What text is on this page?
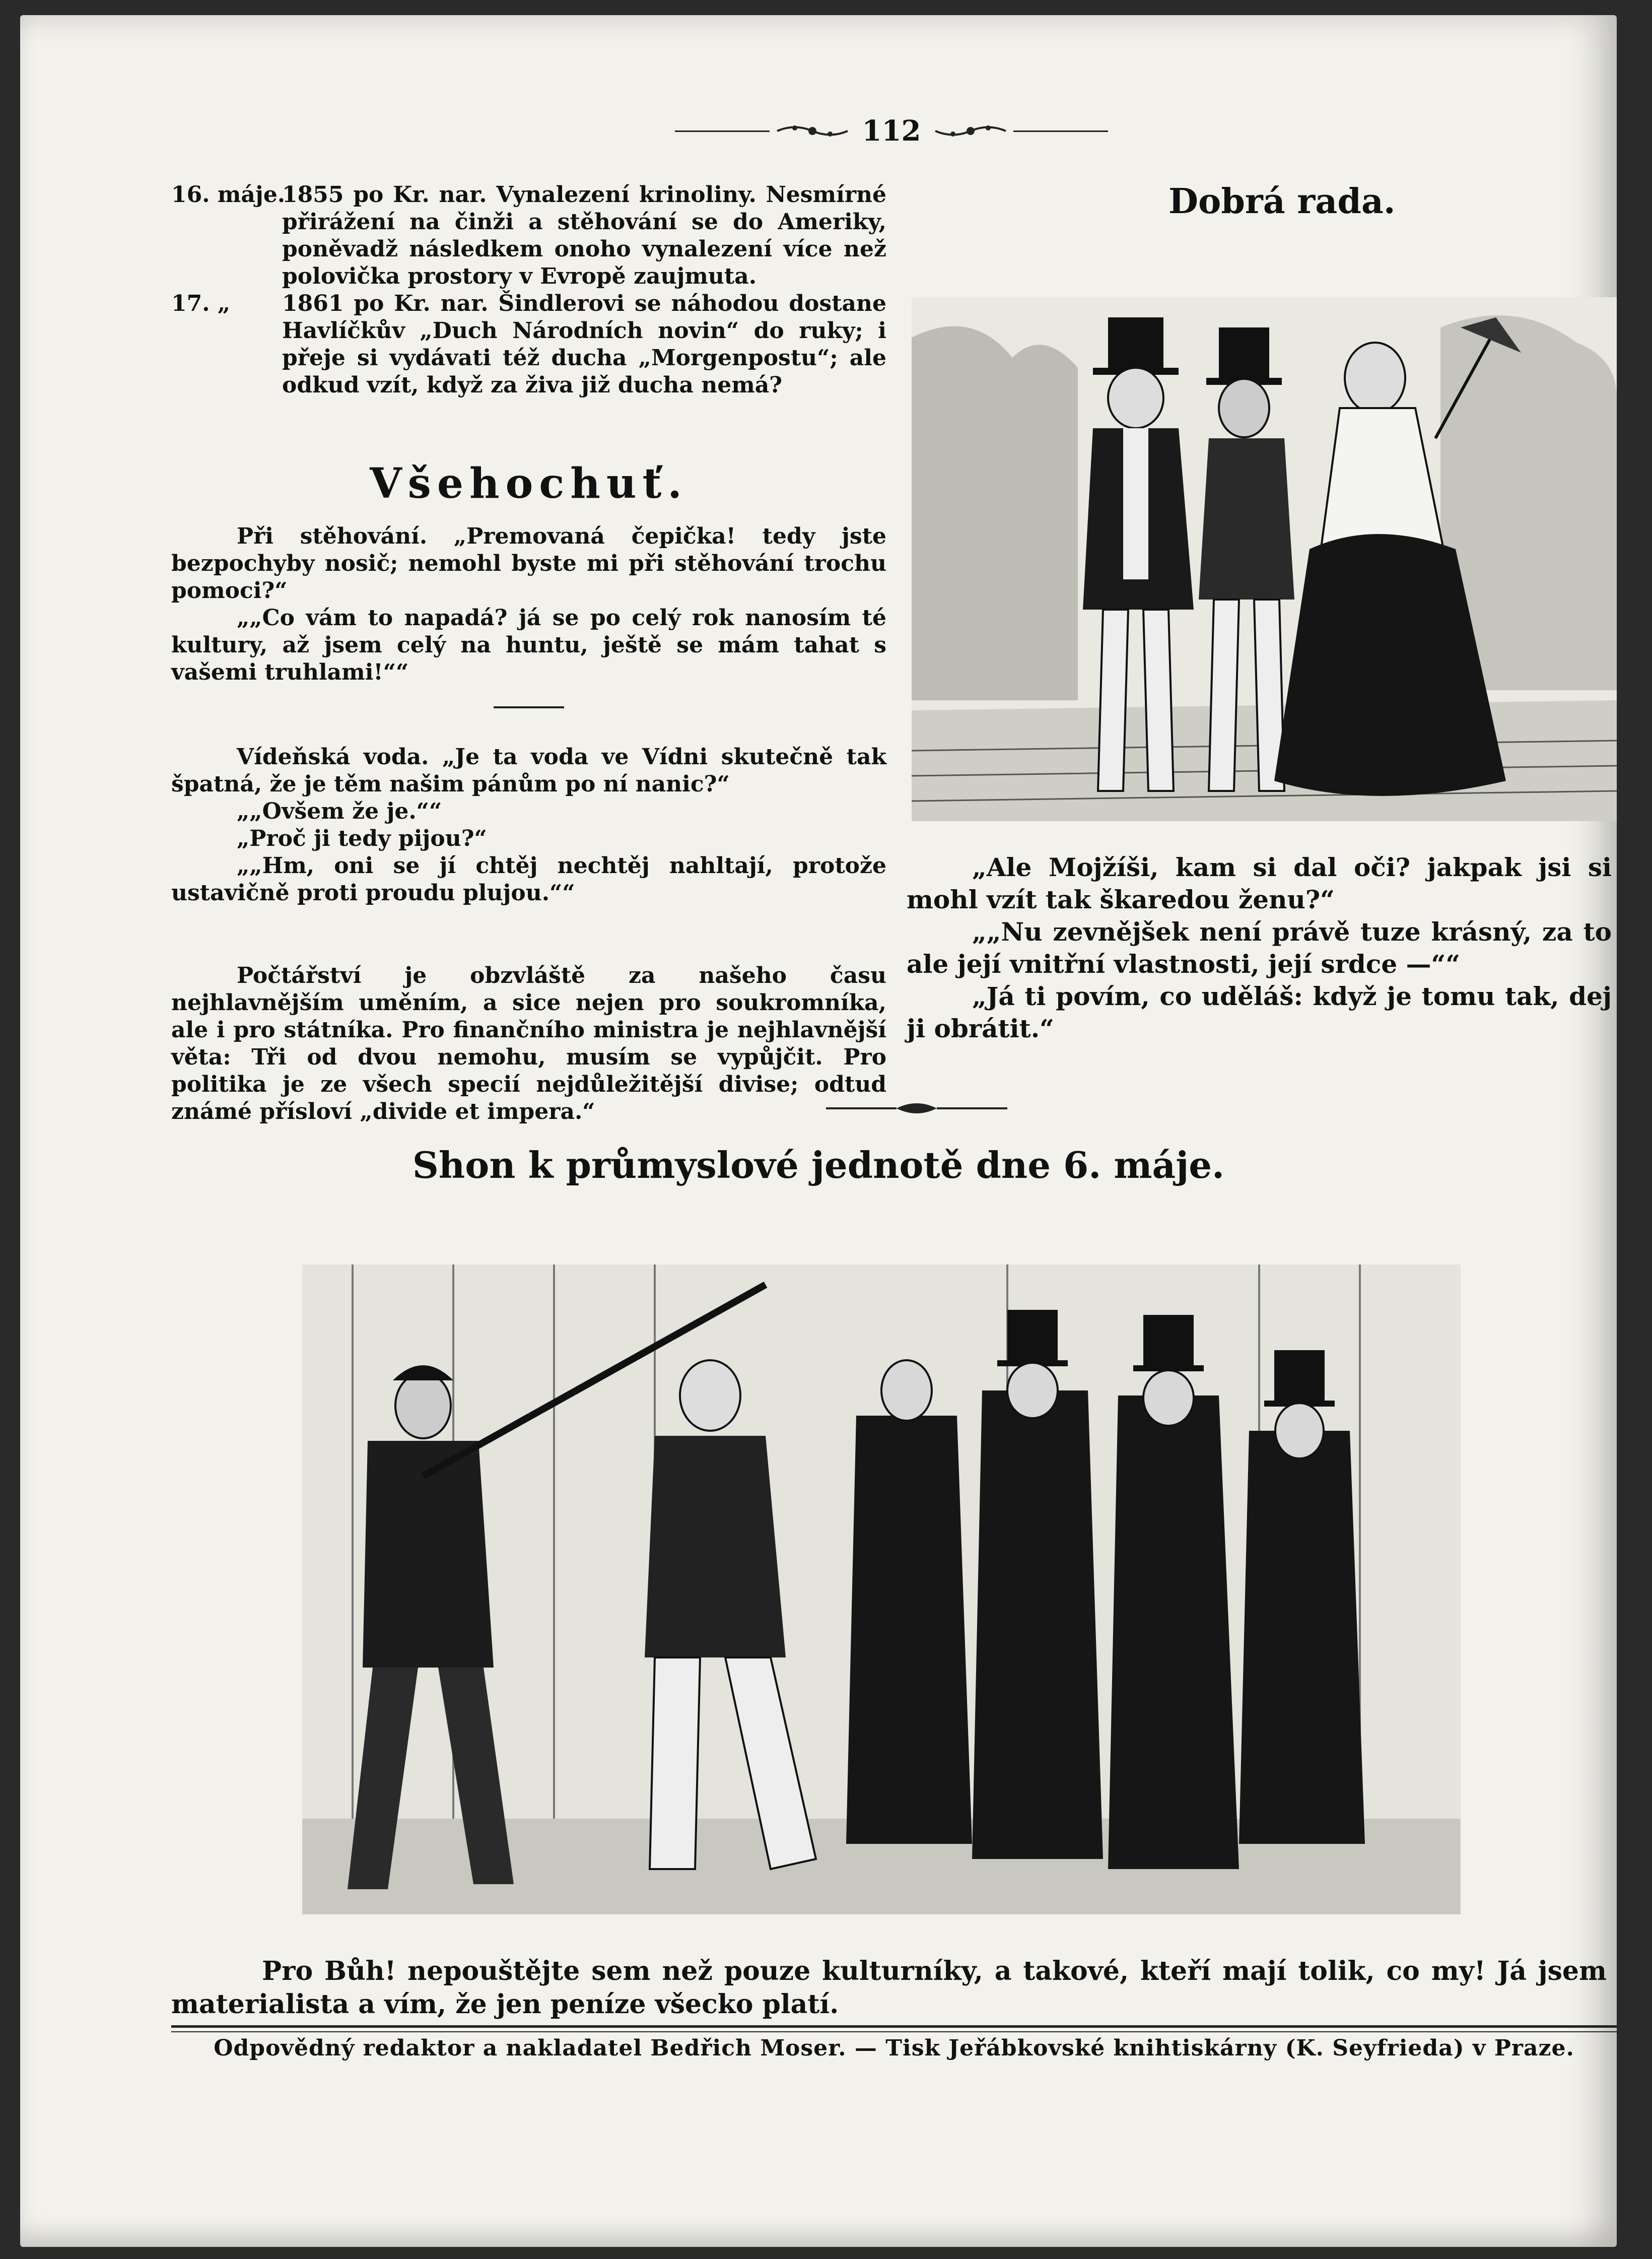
112
16. máje.
1855 po Kr. nar. Vynalezení krinoliny. Nesmírné přirážení na činži a stěhování se do Ameriky, poněvadž následkem onoho vynalezení více než polovička prostory v Evropě zaujmuta.
17. „ 1861 po Kr. nar. Šindlerovi se náhodou dostane Havlíčkův „Duch Národních novin“ do ruky; i přeje si vydávati též ducha „Morgenpostu“; ale odkud vzít, když za živa již ducha nemá?
Všehochuť.

Při stěhování. „Premovaná čepička! tedy jste bezpochyby nosič; nemohl byste mi při stěhování trochu pomoci?“

„„Co vám to napadá? já se po celý rok nanosím té kultury, až jsem celý na huntu, ještě se mám tahat s vašemi truhlami!““

Vídeňská voda. „Je ta voda ve Vídni skutečně tak špatná, že je těm našim pánům po ní nanic?“

„„Ovšem že je.““

„Proč ji tedy pijou?“

„„Hm, oni se jí chtěj nechtěj nahltají, protože ustavičně proti proudu plujou.““

Počtářství je obzvláště za našeho času nejhlavnějším uměním, a sice nejen pro soukromníka, ale i pro státníka. Pro finančního ministra je nejhlavnější věta: Tři od dvou nemohu, musím se vypůjčit. Pro politika je ze všech specií nejdůležitější divise; odtud známé přísloví „divide et impera.“

Dobrá rada.

„Ale Mojžíši, kam si dal oči? jakpak jsi si mohl vzít tak škaredou ženu?“

„„Nu zevnějšek není právě tuze krásný, za to ale její vnitřní vlastnosti, její srdce —““

„Já ti povím, co uděláš: když je tomu tak, dej ji obrátit.“

Shon k průmyslové jednotě dne 6. máje.

Pro Bůh! nepouštějte sem než pouze kulturníky, a takové, kteří mají tolik, co my! Já jsem materialista a vím, že jen peníze všecko platí.

Odpovědný redaktor a nakladatel Bedřich Moser. — Tisk Jeřábkovské knihtiskárny (K. Seyfrieda) v Praze.
